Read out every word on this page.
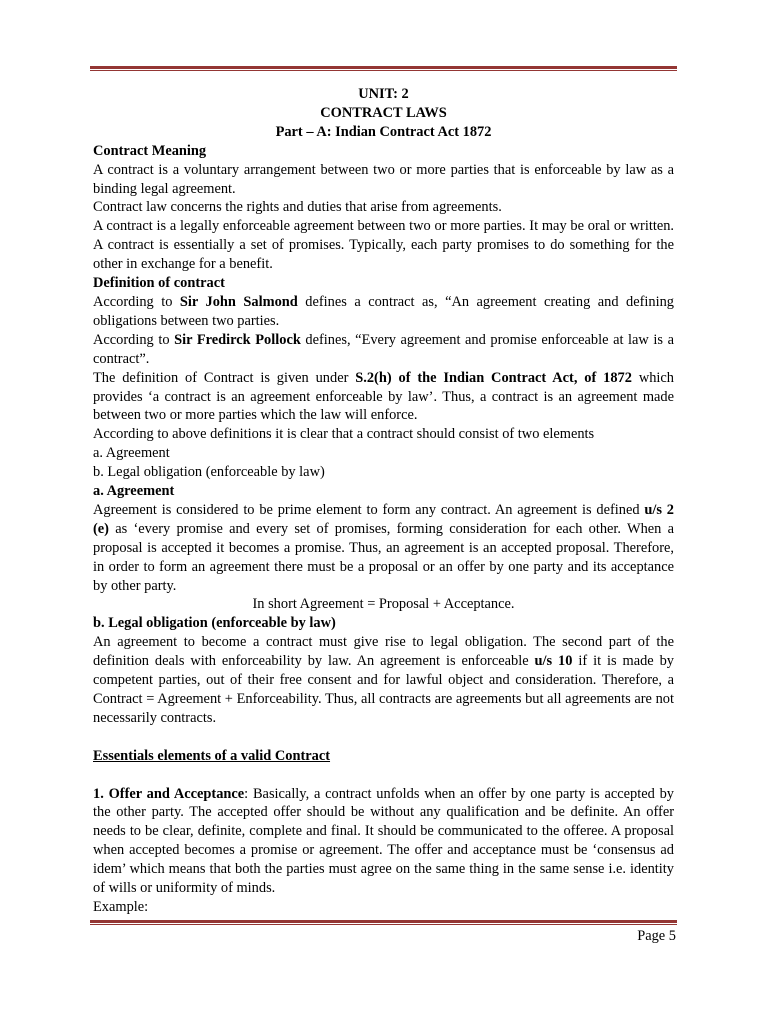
UNIT: 2

CONTRACT LAWS

Part – A: Indian Contract Act 1872

Contract Meaning

A contract is a voluntary arrangement between two or more parties that is enforceable by law as a binding legal agreement.

Contract law concerns the rights and duties that arise from agreements.

A contract is a legally enforceable agreement between two or more parties. It may be oral or written. A contract is essentially a set of promises. Typically, each party promises to do something for the other in exchange for a benefit.

Definition of contract

According to Sir John Salmond defines a contract as, “An agreement creating and defining obligations between two parties.

According to Sir Fredirck Pollock defines, “Every agreement and promise enforceable at law is a contract”.

The definition of Contract is given under S.2(h) of the Indian Contract Act, of 1872 which provides ‘a contract is an agreement enforceable by law’. Thus, a contract is an agreement made between two or more parties which the law will enforce.

According to above definitions it is clear that a contract should consist of two elements

a. Agreement

b. Legal obligation (enforceable by law)

a. Agreement

Agreement is considered to be prime element to form any contract. An agreement is defined u/s 2 (e) as ‘every promise and every set of promises, forming consideration for each other. When a proposal is accepted it becomes a promise. Thus, an agreement is an accepted proposal. Therefore, in order to form an agreement there must be a proposal or an offer by one party and its acceptance by other party.

In short Agreement = Proposal + Acceptance.

b. Legal obligation (enforceable by law)

An agreement to become a contract must give rise to legal obligation. The second part of the definition deals with enforceability by law. An agreement is enforceable u/s 10 if it is made by competent parties, out of their free consent and for lawful object and consideration. Therefore, a Contract = Agreement + Enforceability. Thus, all contracts are agreements but all agreements are not necessarily contracts.

Essentials elements of a valid Contract

1. Offer and Acceptance: Basically, a contract unfolds when an offer by one party is accepted by the other party. The accepted offer should be without any qualification and be definite. An offer needs to be clear, definite, complete and final. It should be communicated to the offeree. A proposal when accepted becomes a promise or agreement. The offer and acceptance must be ‘consensus ad idem’ which means that both the parties must agree on the same thing in the same sense i.e. identity of wills or uniformity of minds.

Example:

Page 5
